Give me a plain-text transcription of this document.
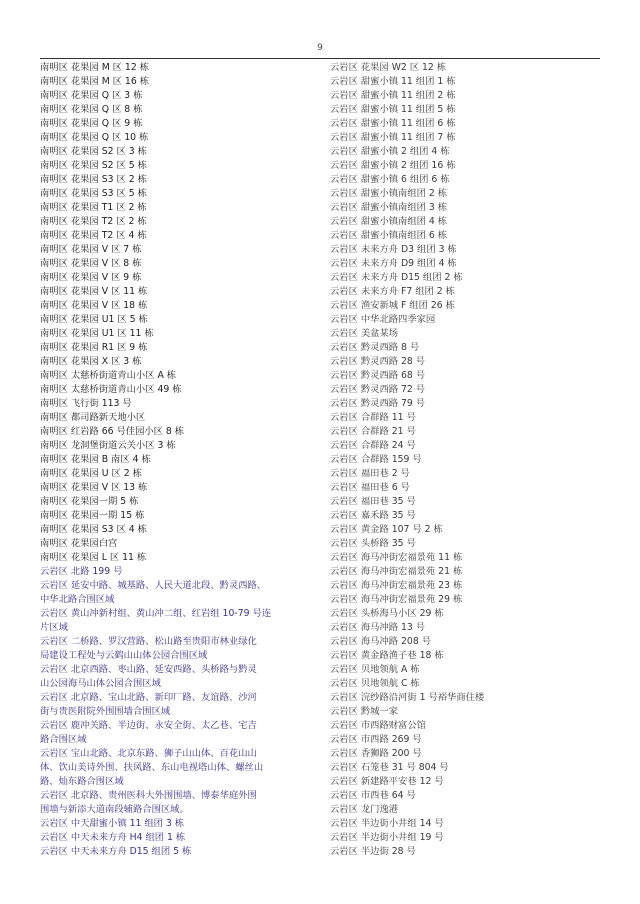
9
南明区 花果园 M 区 12 栋
南明区 花果园 M 区 16 栋
南明区 花果园 Q 区 3 栋
南明区 花果园 Q 区 8 栋
南明区 花果园 Q 区 9 栋
南明区 花果园 Q 区 10 栋
南明区 花果园 S2 区 3 栋
南明区 花果园 S2 区 5 栋
南明区 花果园 S3 区 2 栋
南明区 花果园 S3 区 5 栋
南明区 花果园 T1 区 2 栋
南明区 花果园 T2 区 2 栋
南明区 花果园 T2 区 4 栋
南明区 花果园 V 区 7 栋
南明区 花果园 V 区 8 栋
南明区 花果园 V 区 9 栋
南明区 花果园 V 区 11 栋
南明区 花果园 V 区 18 栋
南明区 花果园 U1 区 5 栋
南明区 花果园 U1 区 11 栋
南明区 花果园 R1 区 9 栋
南明区 花果园 X 区 3 栋
南明区 太慈桥街道青山小区 A 栋
南明区 太慈桥街道青山小区 49 栋
南明区 飞行街 113 号
南明区 都司路新天地小区
南明区 红岩路 66 号佳园小区 8 栋
南明区 龙洞堡街道云关小区 3 栋
南明区 花果园 B 南区 4 栋
南明区 花果园 U 区 2 栋
南明区 花果园 V 区 13 栋
南明区 花果园一期 5 栋
南明区 花果园一期 15 栋
南明区 花果园 S3 区 4 栋
南明区 花果园白宫
南明区 花果园 L 区 11 栋
云岩区 北路 199 号
云岩区 延安中路、城基路、人民大道北段、黔灵西路、
中华北路合围区域
云岩区 黄山冲新村组、黄山冲二组、红岩组 10-79 号连
片区域
云岩区 二桥路、罗汉营路、松山路至贵阳市林业绿化
局建设工程处与云鹤山山体公园合围区域
云岩区 北京西路、枣山路、延安西路、头桥路与黔灵
山公园海马山体公园合围区域
云岩区 北京路、宝山北路、新印厂路、友谊路、沙河
街与贵医附院外围围墙合围区域
云岩区 鹿冲关路、半边街、永安全街、太乙巷、宅吉
路合围区域
云岩区 宝山北路、北京东路、狮子山山体、百花山山
体、饮山美诗外围、扶风路、东山电视塔山体、螺丝山
路、灿东路合围区域
云岩区 北京路、贵州医科大外围围墙、博泰华庭外围
围墙与新添大道南段辅路合围区域。
云岩区 中天甜蜜小镇 11 组团 3 栋
云岩区 中天未来方舟 H4 组团 1 栋
云岩区 中天未来方舟 D15 组团 5 栋
云岩区 花果园 W2 区 12 栋
云岩区 甜蜜小镇 11 组团 1 栋
云岩区 甜蜜小镇 11 组团 2 栋
云岩区 甜蜜小镇 11 组团 5 栋
云岩区 甜蜜小镇 11 组团 6 栋
云岩区 甜蜜小镇 11 组团 7 栋
云岩区 甜蜜小镇 2 组团 4 栋
云岩区 甜蜜小镇 2 组团 16 栋
云岩区 甜蜜小镇 6 组团 6 栋
云岩区 甜蜜小镇南组团 2 栋
云岩区 甜蜜小镇南组团 3 栋
云岩区 甜蜜小镇南组团 4 栋
云岩区 甜蜜小镇南组团 6 栋
云岩区 未来方舟 D3 组团 3 栋
云岩区 未来方舟 D9 组团 4 栋
云岩区 未来方舟 D15 组团 2 栋
云岩区 未来方舟 F7 组团 2 栋
云岩区 渔安新城 F 组团 26 栋
云岩区 中华北路四季家园
云岩区 美盆某场
云岩区 黔灵西路 8 号
云岩区 黔灵西路 28 号
云岩区 黔灵西路 68 号
云岩区 黔灵西路 72 号
云岩区 黔灵西路 79 号
云岩区 合群路 11 号
云岩区 合群路 21 号
云岩区 合群路 24 号
云岩区 合群路 159 号
云岩区 福田巷 2 号
云岩区 福田巷 6 号
云岩区 福田巷 35 号
云岩区 嘉禾路 35 号
云岩区 黄金路 107 号 2 栋
云岩区 头桥路 35 号
云岩区 海马冲街宏福景苑 11 栋
云岩区 海马冲街宏福景苑 21 栋
云岩区 海马冲街宏福景苑 23 栋
云岩区 海马冲街宏福景苑 29 栋
云岩区 头桥海马小区 29 栋
云岩区 海马冲路 13 号
云岩区 海马冲路 208 号
云岩区 黄金路渔子巷 18 栋
云岩区 贝地领航 A 栋
云岩区 贝地领航 C 栋
云岩区 浣纱路沿河街 1 号裕华商住楼
云岩区 黔城一家
云岩区 市西路财富公馆
云岩区 市西路 269 号
云岩区 香狮路 200 号
云岩区 石笼巷 31 号 804 号
云岩区 新建路平安巷 12 号
云岩区 市西巷 64 号
云岩区 龙门逸港
云岩区 半边街小井组 14 号
云岩区 半边街小井组 19 号
云岩区 半边街 28 号
